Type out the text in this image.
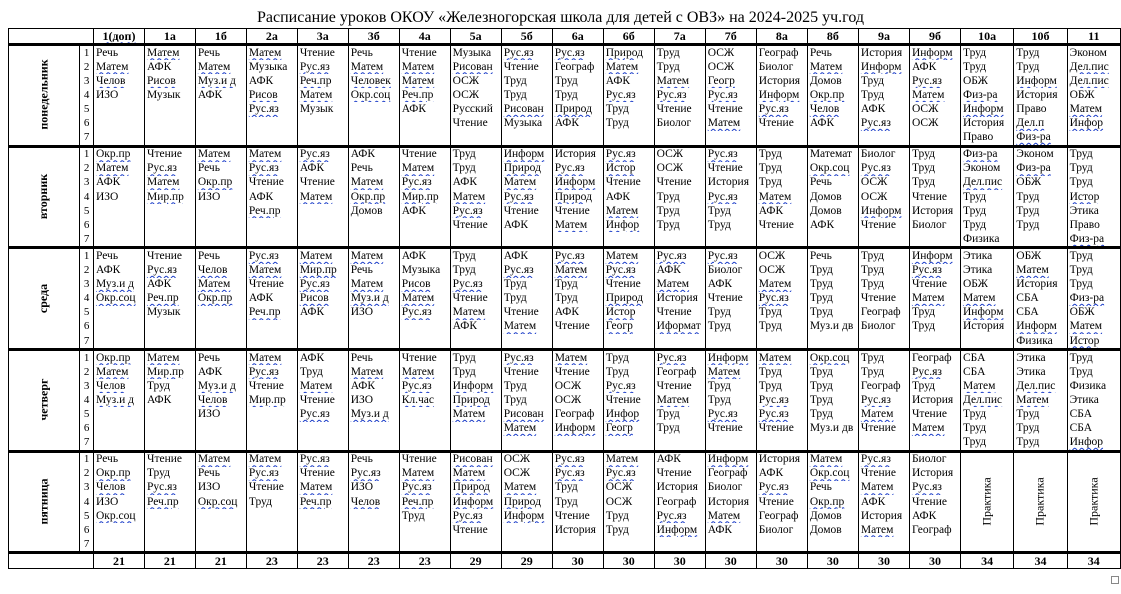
Расписание уроков ОКОУ «Железногорская школа для детей с ОВЗ» на 2024-2025 уч.год
		1(доп)	1а	1б	2а	3а	3б	4а	5а	5б	6а	6б	7а	7б	8а	8б	9а	9б	10а	10б	11
понедельник	1	Речь	Матем	Речь	Матем	Чтение	Речь	Чтение	Музыка	Рус.яз	Рус.яз	Природ	Труд	ОСЖ	Географ	Речь	История	Информ	Труд	Труд	Эконом
	2	Матем	АФК	Матем	Музыка	Рус.яз	Матем	Матем	Рисован	Чтение	Географ	Матем	Труд	ОСЖ	Биолог	Матем	Информ	АФК	Труд	Труд	Дел.пис
	3	Челов	Рисов	Муз.и д	АФК	Реч.пр	Человек	Матем	ОСЖ	Труд	Труд	АФК	Матем	Геогр	История	Домов	Труд	Рус.яз	ОБЖ	Информ	Дел.пис
	4	ИЗО	Музык	АФК	Рисов	Матем	Окр.соц	Реч.пр	ОСЖ	Труд	Труд	Рус.яз	Рус.яз	Рус.яз	Информ	Окр.пр	Труд	Матем	Физ-ра	История	ОБЖ
	5				Рус.яз	Музык		АФК	Русский	Рисован	Природ	Труд	Чтение	Чтение	Рус.яз	Челов	АФК	ОСЖ	Информ	Право	Матем
	6								Чтение	Музыка	АФК	Труд	Биолог	Матем	Чтение	АФК	Рус.яз	ОСЖ	История	Дел.п	Инфор
	7																		Право	Физ-ра	
вторник	1	Окр.пр	Чтение	Матем	Матем	Рус.яз	АФК	Чтение	Труд	Информ	История	Рус.яз	ОСЖ	Рус.яз	Труд	Математ	Биолог	Труд	Физ-ра	Эконом	Труд
	2	Матем	Рус.яз	Речь	Рус.яз	АФК	Речь	Матем	Труд	Природ	Рус.яз	Истор	ОСЖ	Чтение	Труд	Окр.соц	Рус.яз	Труд	Эконом	Физ-ра	Труд
	3	АФК	Матем	Окр.пр	Чтение	Чтение	Матем	Рус.яз	АФК	Матем	Информ	Чтение	Чтение	История	Труд	Речь	ОСЖ	Труд	Дел.пис	ОБЖ	Труд
	4	ИЗО	Мир.пр	ИЗО	АФК	Матем	Окр.пр	Мир.пр	Матем	Рус.яз	Природ	АФК	Труд	Рус.яз	Матем	Домов	ОСЖ	Чтение	Труд	Труд	Истор
	5				Реч.пр		Домов	АФК	Рус.яз	Чтение	Чтение	Матем	Труд	Труд	АФК	Домов	Информ	История	Труд	Труд	Этика
	6								Чтение	АФК	Матем	Инфор	Труд	Труд	Чтение	АФК	Чтение	Биолог	Труд	Труд	Право
	7																		Физика		Физ-ра
среда	1	Речь	Чтение	Речь	Рус.яз	Матем	Матем	АФК	Труд	АФК	Рус.яз	Матем	Рус.яз	Рус.яз	ОСЖ	Речь	Труд	Информ	Этика	ОБЖ	Труд
	2	АФК	Рус.яз	Челов	Матем	Мир.пр	Речь	Музыка	Труд	Рус.яз	Матем	Рус.яз	АФК	Биолог	ОСЖ	Труд	Труд	Рус.яз	Этика	Матем	Труд
	3	Муз.и д	АФК	Матем	Чтение	Рус.яз	Матем	Рисов	Рус.яз	Труд	Труд	Чтение	Матем	АФК	Матем	Труд	Труд	Чтение	ОБЖ	История	Труд
	4	Окр.соц	Реч.пр	Окр.пр	АФК	Рисов	Муз.и д	Матем	Чтение	Труд	Труд	Природ	История	Чтение	Рус.яз	Труд	Чтение	Матем	Матем	СБА	Физ-ра
	5		Музык		Реч.пр	АФК	ИЗО	Рус.яз	Матем	Чтение	АФК	Истор	Чтение	Труд	Труд	Труд	Географ	Труд	Информ	СБА	ОБЖ
	6								АФК	Матем	Чтение	Геогр	Иформат	Труд	Труд	Муз.и дв	Биолог	Труд	История	Информ	Матем
	7																			Физика	Истор
четверг	1	Окр.пр	Матем	Речь	Матем	АФК	Речь	Чтение	Труд	Рус.яз	Матем	Труд	Рус.яз	Информ	Матем	Окр.соц	Труд	Географ	СБА	Этика	Труд
	2	Матем	Мир.пр	АФК	Рус.яз	Труд	Матем	Матем	Труд	Чтение	Чтение	Труд	Географ	Матем	Труд	Труд	Труд	Рус.яз	СБА	Этика	Труд
	3	Челов	Труд	Муз.и д	Чтение	Матем	АФК	Рус.яз	Информ	Труд	ОСЖ	Рус.яз	Чтение	Труд	Труд	Труд	Географ	Труд	Матем	Дел.пис	Физика
	4	Муз.и д	АФК	Челов	Мир.пр	Чтение	ИЗО	Кл.час	Природ	Труд	ОСЖ	Чтение	Матем	Труд	Рус.яз	Труд	Рус.яз	История	Дел.пис	Матем	Этика
	5			ИЗО		Рус.яз	Муз.и д		Матем	Рисован	Географ	Инфор	Труд	Рус.яз	Рус.яз	Труд	Матем	Чтение	Труд	Труд	СБА
	6									Матем	Информ	Геогр	Труд	Чтение	Чтение	Муз.и дв	Чтение	Матем	Труд	Труд	СБА
	7																		Труд	Труд	Инфор
пятница	1	Речь	Чтение	Матем	Матем	Рус.яз	Речь	Чтение	Рисован	ОСЖ	Рус.яз	Матем	АФК	Информ	История	Матем	Рус.яз	Биолог	Практика	Практика	Практика
	2	Окр.пр	Труд	Речь	Рус.яз	Чтение	Рус.яз	Матем	Матем	ОСЖ	Рус.яз	Рус.яз	Чтение	Географ	АФК	Окр.соц	Чтение	История			
	3	Челов	Рус.яз	ИЗО	Чтение	Матем	ИЗО	Рус.яз	Природ	Матем	Труд	ОСЖ	История	Биолог	Рус.яз	Речь	Матем	Рус.яз			
	4	ИЗО	Реч.пр	Окр.соц	Труд	Реч.пр	Челов	Реч.пр	Информ	Природ	Труд	ОСЖ	Географ	История	Чтение	Окр.пр	АФК	Чтение			
	5	Окр.соц						Труд	Рус.яз	Информ	Чтение	Труд	Рус.яз	Матем	Географ	Домов	История	АФК			
	6								Чтение		История	Труд	Информ	АФК	Биолог	Домов	Матем	Географ			
	7																				
		21	21	21	23	23	23	23	29	29	30	30	30	30	30	30	30	30	34	34	34
